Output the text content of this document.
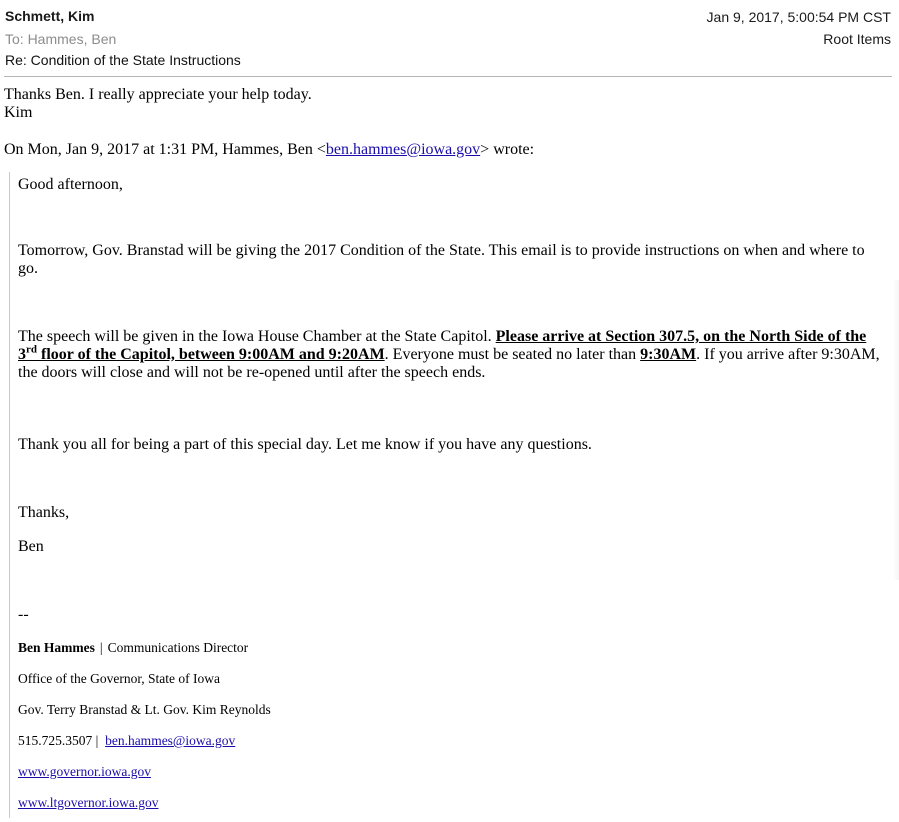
Schmett, Kim
To: Hammes, Ben
Re: Condition of the State Instructions
Jan 9, 2017, 5:00:54 PM CST
Root Items
Thanks Ben. I really appreciate your help today.
Kim
On Mon, Jan 9, 2017 at 1:31 PM, Hammes, Ben <ben.hammes@iowa.gov> wrote:
Good afternoon,
Tomorrow, Gov. Branstad will be giving the 2017 Condition of the State. This email is to provide instructions on when and where to go.
The speech will be given in the Iowa House Chamber at the State Capitol. Please arrive at Section 307.5, on the North Side of the 3rd floor of the Capitol, between 9:00AM and 9:20AM. Everyone must be seated no later than 9:30AM. If you arrive after 9:30AM, the doors will close and will not be re-opened until after the speech ends.
Thank you all for being a part of this special day. Let me know if you have any questions.
Thanks,
Ben
--
Ben Hammes | Communications Director
Office of the Governor, State of Iowa
Gov. Terry Branstad & Lt. Gov. Kim Reynolds
515.725.3507 | ben.hammes@iowa.gov
www.governor.iowa.gov
www.ltgovernor.iowa.gov
